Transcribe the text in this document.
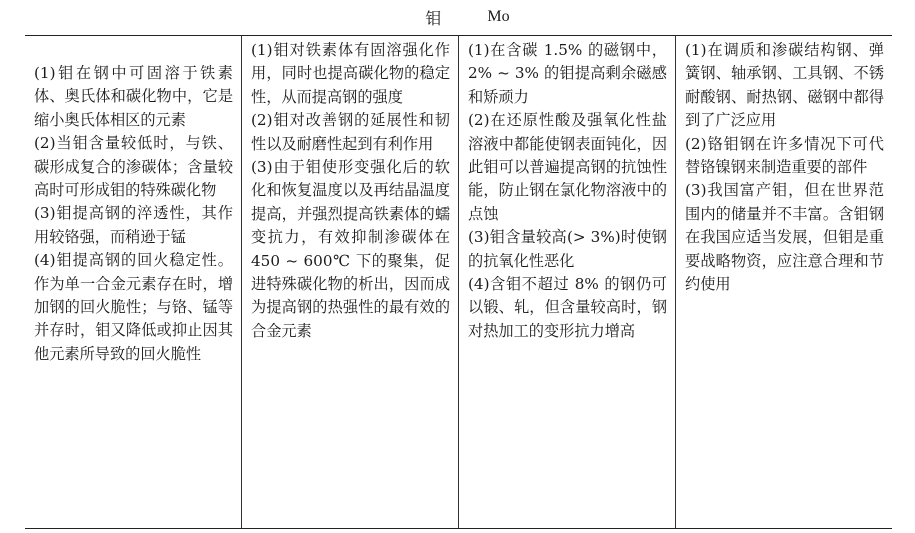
钼	Mo

(1)钼在钢中可固溶于铁素体、奥氏体和碳化物中，它是缩小奥氏体相区的元素

(2)当钼含量较低时，与铁、碳形成复合的渗碳体；含量较高时可形成钼的特殊碳化物

(3)钼提高钢的淬透性，其作用较铬强，而稍逊于锰

(4)钼提高钢的回火稳定性。作为单一合金元素存在时，增加钢的回火脆性；与铬、锰等并存时，钼又降低或抑止因其他元素所导致的回火脆性

(1)钼对铁素体有固溶强化作用，同时也提高碳化物的稳定性，从而提高钢的强度

(2)钼对改善钢的延展性和韧性以及耐磨性起到有利作用

(3)由于钼使形变强化后的软化和恢复温度以及再结晶温度提高，并强烈提高铁素体的蠕变抗力，有效抑制渗碳体在 450 ~ 600℃ 下的聚集，促进特殊碳化物的析出，因而成为提高钢的热强性的最有效的合金元素

(1)在含碳 1.5% 的磁钢中，2% ~ 3% 的钼提高剩余磁感和矫顽力

(2)在还原性酸及强氧化性盐溶液中都能使钢表面钝化，因此钼可以普遍提高钢的抗蚀性能，防止钢在氯化物溶液中的点蚀

(3)钼含量较高(> 3%)时使钢的抗氧化性恶化

(4)含钼不超过 8% 的钢仍可以锻、轧，但含量较高时，钢对热加工的变形抗力增高

(1)在调质和渗碳结构钢、弹簧钢、轴承钢、工具钢、不锈耐酸钢、耐热钢、磁钢中都得到了广泛应用

(2)铬钼钢在许多情况下可代替铬镍钢来制造重要的部件

(3)我国富产钼，但在世界范围内的储量并不丰富。含钼钢在我国应适当发展，但钼是重要战略物资，应注意合理和节约使用
